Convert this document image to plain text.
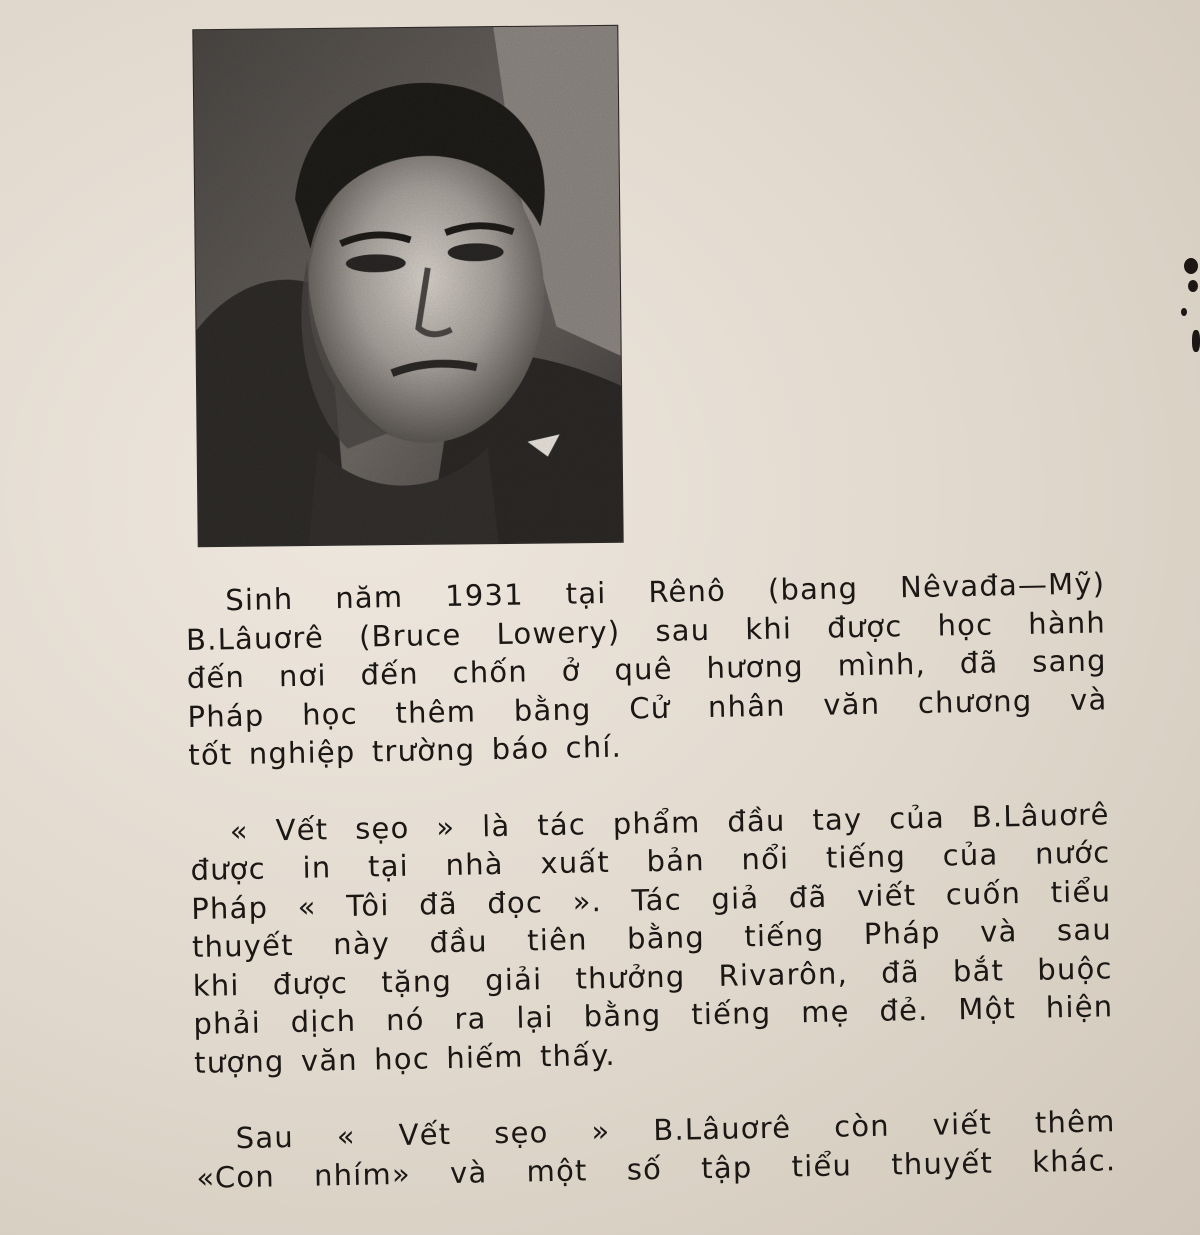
Sinh năm 1931 tại Rênô (bang Nêvađa—Mỹ)
B.Lâuơrê (Bruce Lowery) sau khi được học hành
đến nơi đến chốn ở quê hương mình, đã sang
Pháp học thêm bằng Cử nhân văn chương và
tốt nghiệp trường báo chí.
« Vết sẹo » là tác phẩm đầu tay của B.Lâuơrê
được in tại nhà xuất bản nổi tiếng của nước
Pháp « Tôi đã đọc ». Tác giả đã viết cuốn tiểu
thuyết này đầu tiên bằng tiếng Pháp và sau
khi được tặng giải thưởng Rivarôn, đã bắt buộc
phải dịch nó ra lại bằng tiếng mẹ đẻ. Một hiện
tượng văn học hiếm thấy.
Sau « Vết sẹo » B.Lâuơrê còn viết thêm
«Con nhím» và một số tập tiểu thuyết khác.
